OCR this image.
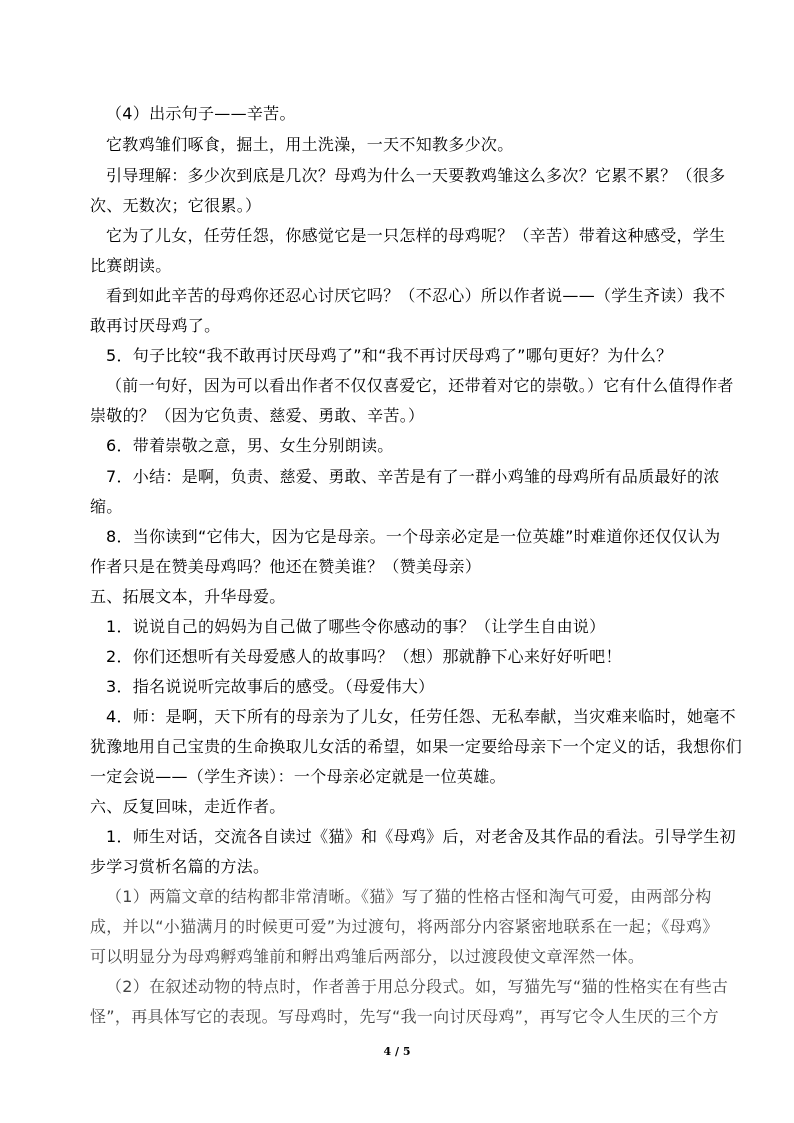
（4）出示句子——辛苦。
它教鸡雏们啄食，掘土，用土洗澡，一天不知教多少次。
引导理解：多少次到底是几次？母鸡为什么一天要教鸡雏这么多次？它累不累？（很多
次、无数次；它很累。）
它为了儿女，任劳任怨，你感觉它是一只怎样的母鸡呢？（辛苦）带着这种感受，学生
比赛朗读。
看到如此辛苦的母鸡你还忍心讨厌它吗？（不忍心）所以作者说——（学生齐读）我不
敢再讨厌母鸡了。
5．句子比较“我不敢再讨厌母鸡了”和“我不再讨厌母鸡了”哪句更好？为什么？
（前一句好，因为可以看出作者不仅仅喜爱它，还带着对它的崇敬。）它有什么值得作者
崇敬的？（因为它负责、慈爱、勇敢、辛苦。）
6．带着崇敬之意，男、女生分别朗读。
7．小结：是啊，负责、慈爱、勇敢、辛苦是有了一群小鸡雏的母鸡所有品质最好的浓
缩。
8．当你读到“它伟大，因为它是母亲。一个母亲必定是一位英雄”时难道你还仅仅认为
作者只是在赞美母鸡吗？他还在赞美谁？（赞美母亲）
五、拓展文本，升华母爱。
1．说说自己的妈妈为自己做了哪些令你感动的事？（让学生自由说）
2．你们还想听有关母爱感人的故事吗？（想）那就静下心来好好听吧！
3．指名说说听完故事后的感受。（母爱伟大）
4．师：是啊，天下所有的母亲为了儿女，任劳任怨、无私奉献，当灾难来临时，她毫不
犹豫地用自己宝贵的生命换取儿女活的希望，如果一定要给母亲下一个定义的话，我想你们
一定会说——（学生齐读）：一个母亲必定就是一位英雄。
六、反复回味，走近作者。
1．师生对话，交流各自读过《猫》和《母鸡》后，对老舍及其作品的看法。引导学生初
步学习赏析名篇的方法。
（1）两篇文章的结构都非常清晰。《猫》写了猫的性格古怪和淘气可爱，由两部分构
成，并以“小猫满月的时候更可爱”为过渡句，将两部分内容紧密地联系在一起；《母鸡》
可以明显分为母鸡孵鸡雏前和孵出鸡雏后两部分，以过渡段使文章浑然一体。
（2）在叙述动物的特点时，作者善于用总分段式。如，写猫先写“猫的性格实在有些古
怪”，再具体写它的表现。写母鸡时，先写“我一向讨厌母鸡”，再写它令人生厌的三个方
4 / 5
